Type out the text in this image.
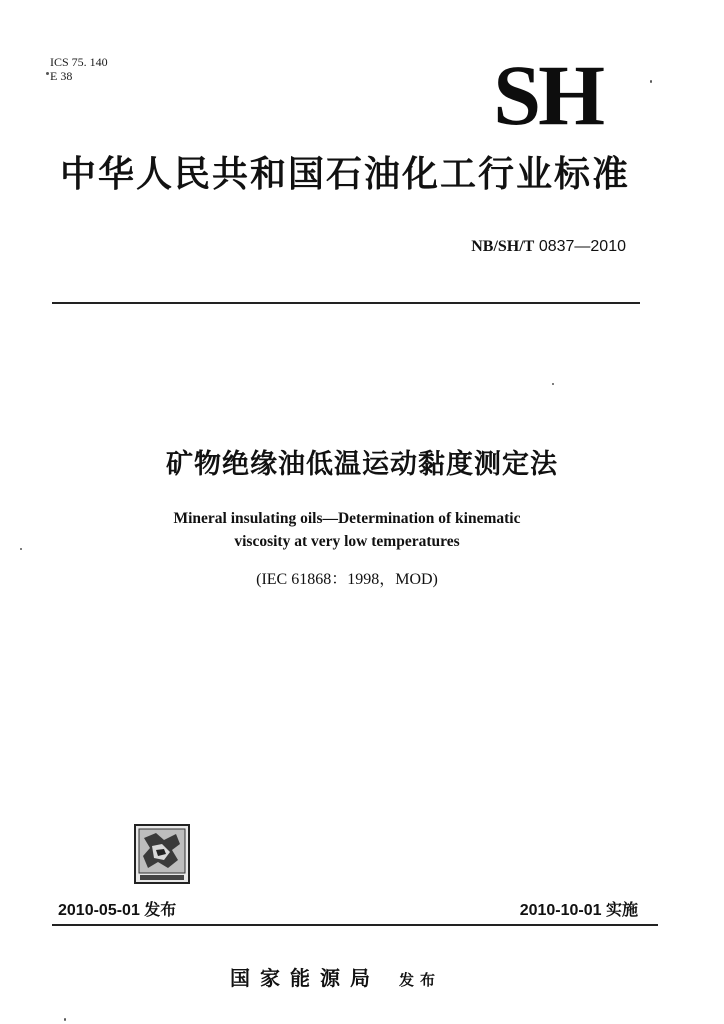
ICS 75. 140
E 38	SH
中华人民共和国石油化工行业标准
NB/SH/T 0837—2010
矿物绝缘油低温运动黏度测定法
Mineral insulating oils—Determination of kinematic
viscosity at very low temperatures
(IEC 61868：1998，MOD)
2010-05-01 发布	2010-10-01 实施
国家能源局 发布
